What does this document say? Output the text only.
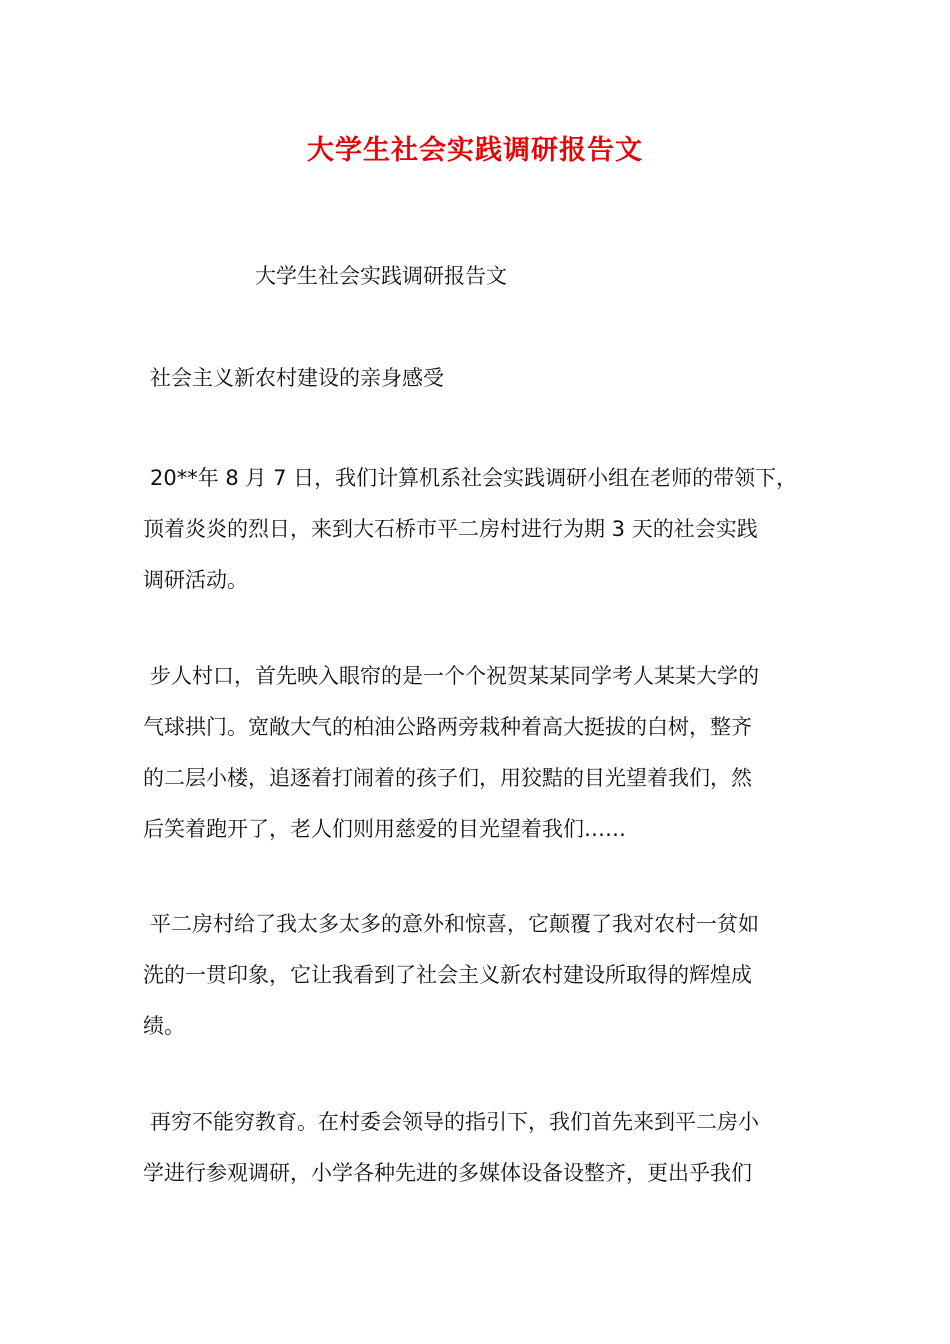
大学生社会实践调研报告文

大学生社会实践调研报告文

社会主义新农村建设的亲身感受

20**年 8 月 7 日，我们计算机系社会实践调研小组在老师的带领下，

顶着炎炎的烈日，来到大石桥市平二房村进行为期 3 天的社会实践

调研活动。

步人村口，首先映入眼帘的是一个个祝贺某某同学考人某某大学的

气球拱门。宽敞大气的柏油公路两旁栽种着高大挺拔的白树，整齐

的二层小楼，追逐着打闹着的孩子们，用狡黠的目光望着我们，然

后笑着跑开了，老人们则用慈爱的目光望着我们……

平二房村给了我太多太多的意外和惊喜，它颠覆了我对农村一贫如

洗的一贯印象，它让我看到了社会主义新农村建设所取得的辉煌成

绩。

再穷不能穷教育。在村委会领导的指引下，我们首先来到平二房小

学进行参观调研，小学各种先进的多媒体设备设整齐，更出乎我们
